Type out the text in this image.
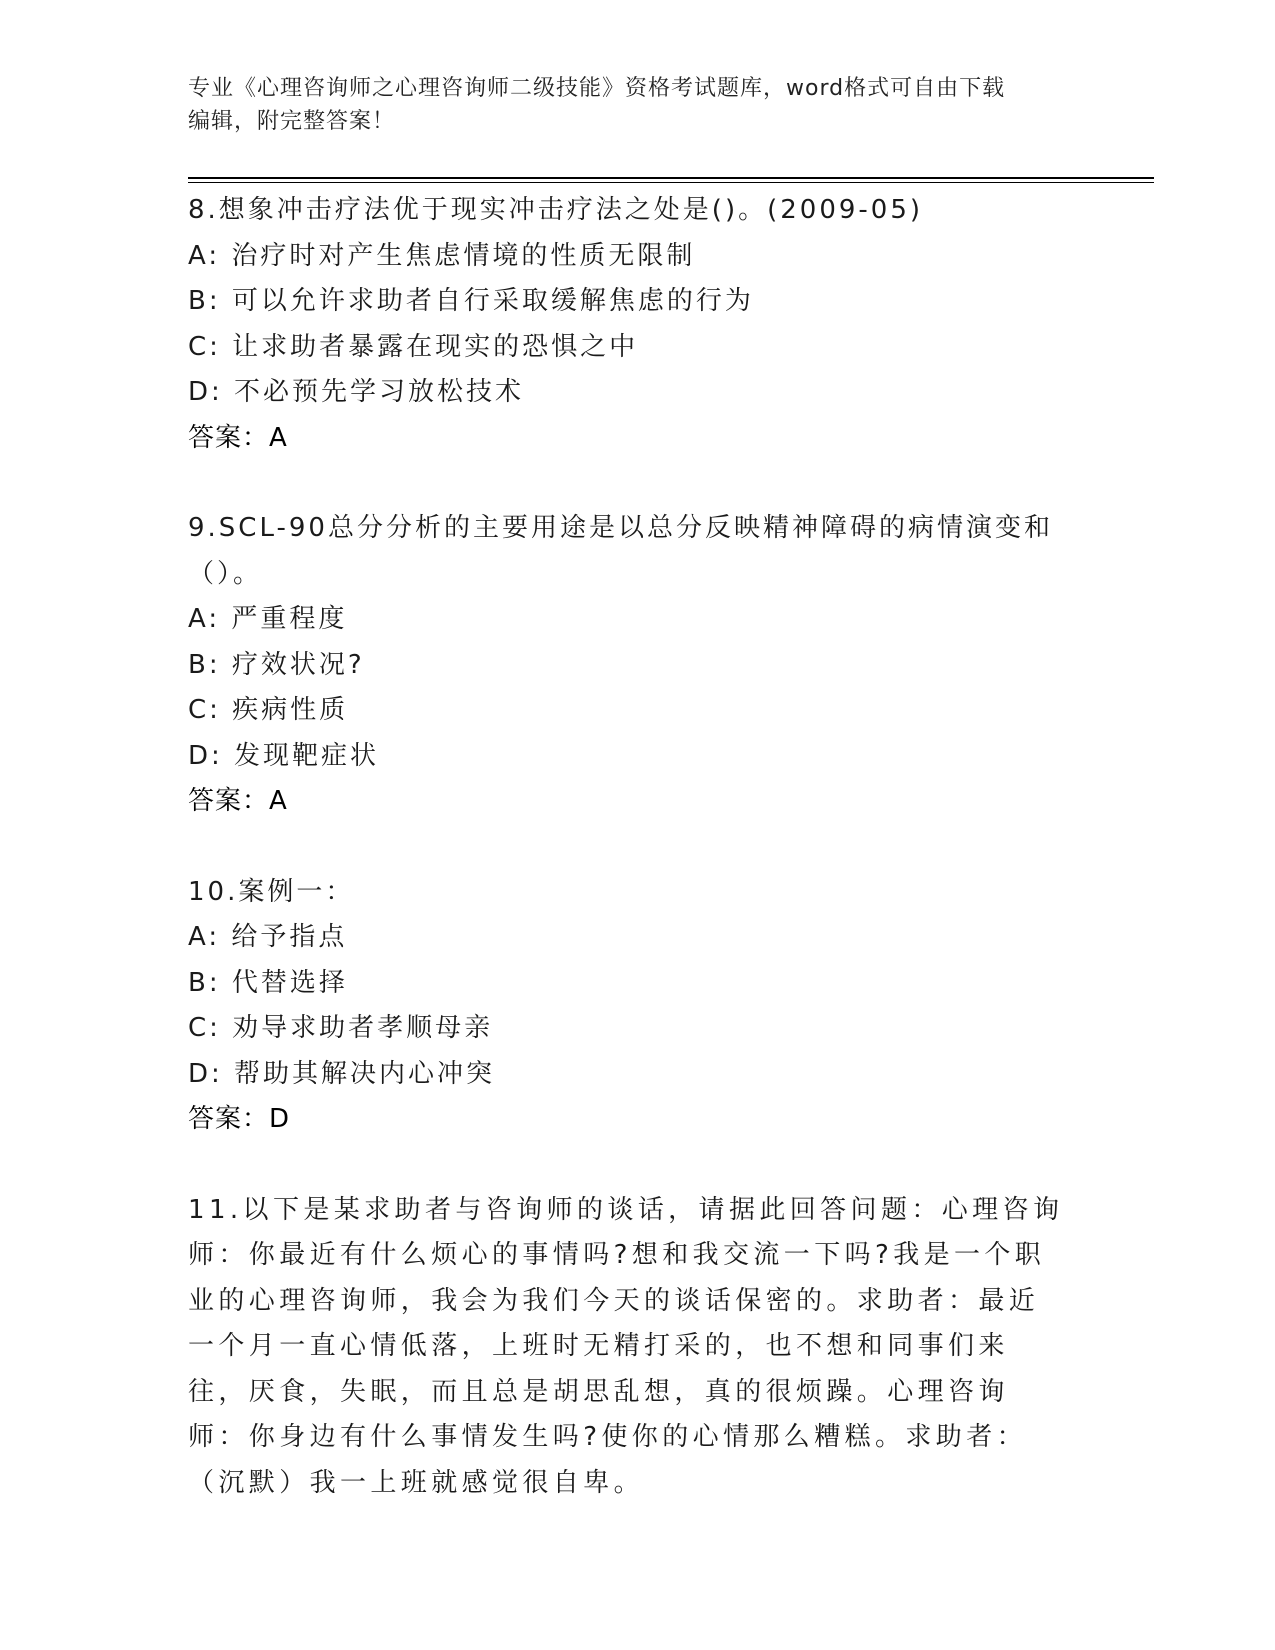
专业《心理咨询师之心理咨询师二级技能》资格考试题库，word格式可自由下载
编辑，附完整答案！
8.想象冲击疗法优于现实冲击疗法之处是()。(2009-05)
A: 治疗时对产生焦虑情境的性质无限制
B: 可以允许求助者自行采取缓解焦虑的行为
C: 让求助者暴露在现实的恐惧之中
D: 不必预先学习放松技术
答案：A
9.SCL-90总分分析的主要用途是以总分反映精神障碍的病情演变和（）。
A: 严重程度
B: 疗效状况?
C: 疾病性质
D: 发现靶症状
答案：A
10.案例一：
A: 给予指点
B: 代替选择
C: 劝导求助者孝顺母亲
D: 帮助其解决内心冲突
答案：D
11.以下是某求助者与咨询师的谈话，请据此回答问题：心理咨询师：你最近有什么烦心的事情吗?想和我交流一下吗?我是一个职业的心理咨询师，我会为我们今天的谈话保密的。求助者：最近一个月一直心情低落，上班时无精打采的，也不想和同事们来往，厌食，失眠，而且总是胡思乱想，真的很烦躁。心理咨询师：你身边有什么事情发生吗?使你的心情那么糟糕。求助者：（沉默）我一上班就感觉很自卑。
